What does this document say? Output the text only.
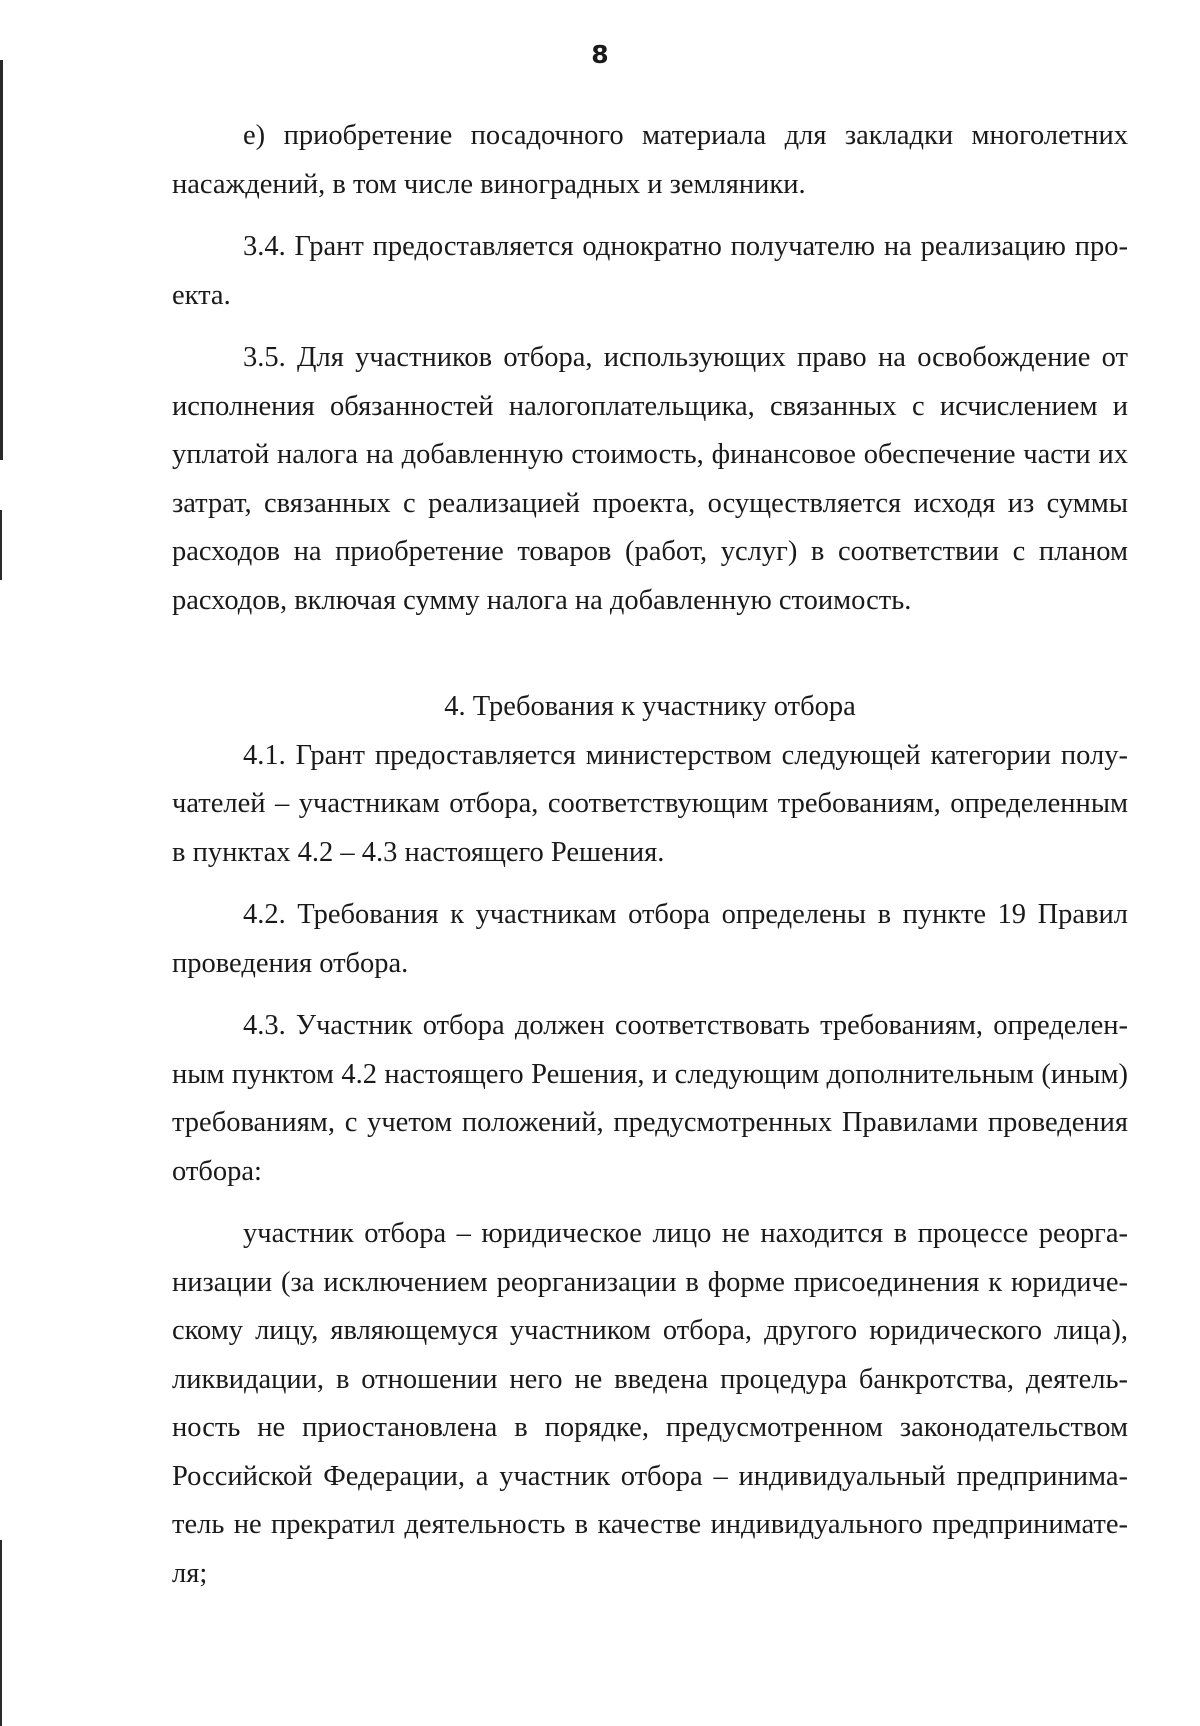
8

е) приобретение посадочного материала для закладки многолетних насаждений, в том числе виноградных и земляники.

3.4. Грант предоставляется однократно получателю на реализацию проекта.

3.5. Для участников отбора, использующих право на освобождение от исполнения обязанностей налогоплательщика, связанных с исчислением и уплатой налога на добавленную стоимость, финансовое обеспечение части их затрат, связанных с реализацией проекта, осуществляется исходя из суммы расходов на приобретение товаров (работ, услуг) в соответствии с планом расходов, включая сумму налога на добавленную стоимость.

4. Требования к участнику отбора

4.1. Грант предоставляется министерством следующей категории получателей – участникам отбора, соответствующим требованиям, определенным в пунктах 4.2 – 4.3 настоящего Решения.

4.2. Требования к участникам отбора определены в пункте 19 Правил проведения отбора.

4.3. Участник отбора должен соответствовать требованиям, определенным пунктом 4.2 настоящего Решения, и следующим дополнительным (иным) требованиям, с учетом положений, предусмотренных Правилами проведения отбора:

участник отбора – юридическое лицо не находится в процессе реорганизации (за исключением реорганизации в форме присоединения к юридическому лицу, являющемуся участником отбора, другого юридического лица), ликвидации, в отношении него не введена процедура банкротства, деятельность не приостановлена в порядке, предусмотренном законодательством Российской Федерации, а участник отбора – индивидуальный предприниматель не прекратил деятельность в качестве индивидуального предпринимателя;
